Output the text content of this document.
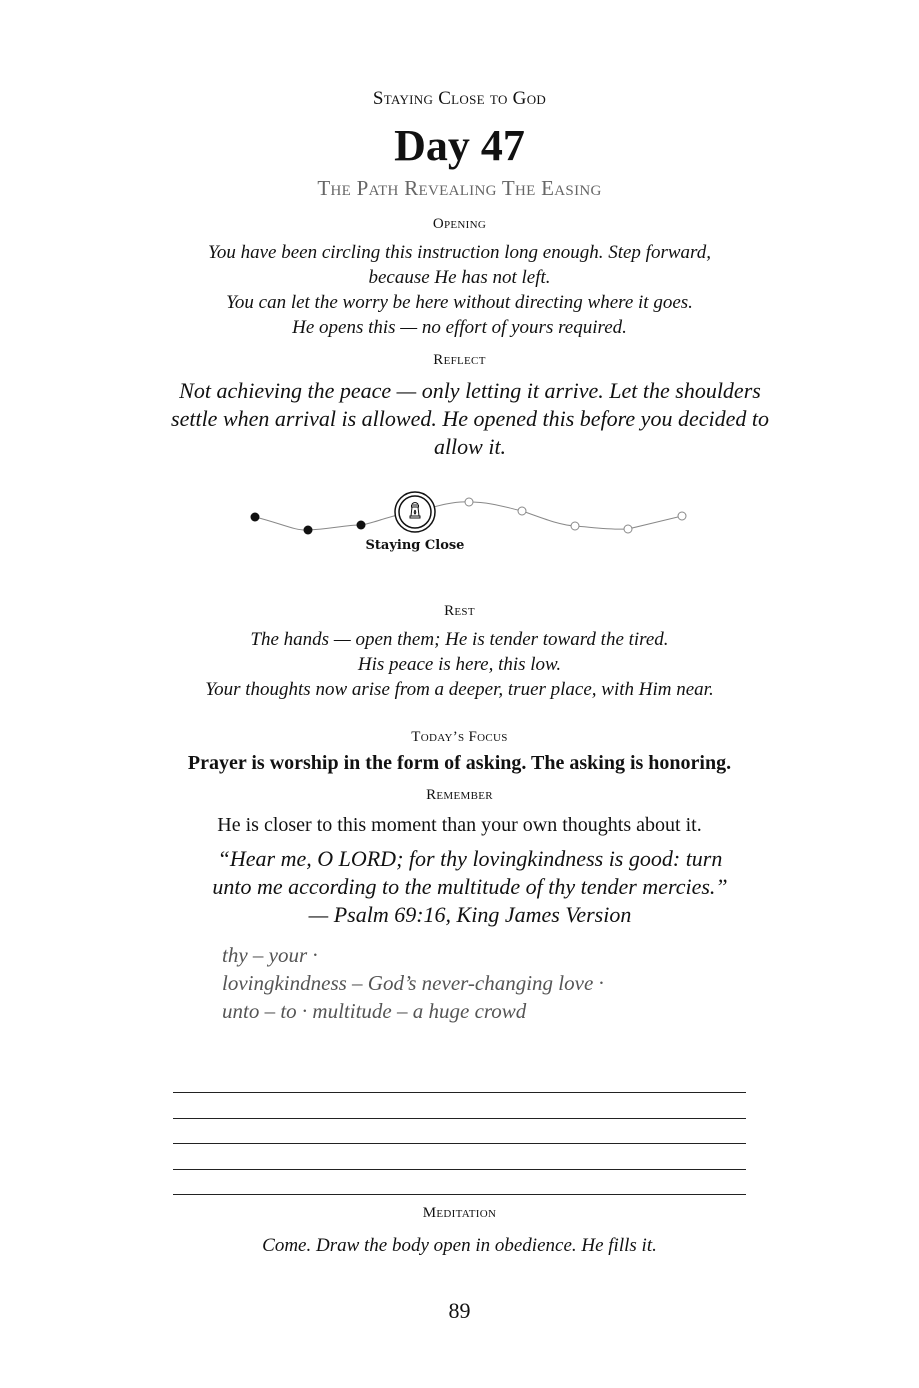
Staying Close to God
Day 47
The Path Revealing The Easing
Opening
You have been circling this instruction long enough. Step forward,
because He has not left.
You can let the worry be here without directing where it goes.
He opens this — no effort of yours required.
Reflect
Not achieving the peace — only letting it arrive. Let the shoulders settle when arrival is allowed. He opened this before you decided to allow it.
Staying Close
Rest
The hands — open them; He is tender toward the tired.
His peace is here, this low.
Your thoughts now arise from a deeper, truer place, with Him near.
Today’s Focus
Prayer is worship in the form of asking. The asking is honoring.
Remember
He is closer to this moment than your own thoughts about it.
“Hear me, O LORD; for thy lovingkindness is good: turn unto me according to the multitude of thy tender mercies.” — Psalm 69:16, King James Version
thy – your ·
lovingkindness – God’s never-changing love ·
unto – to · multitude – a huge crowd
Meditation
Come. Draw the body open in obedience. He fills it.
89
